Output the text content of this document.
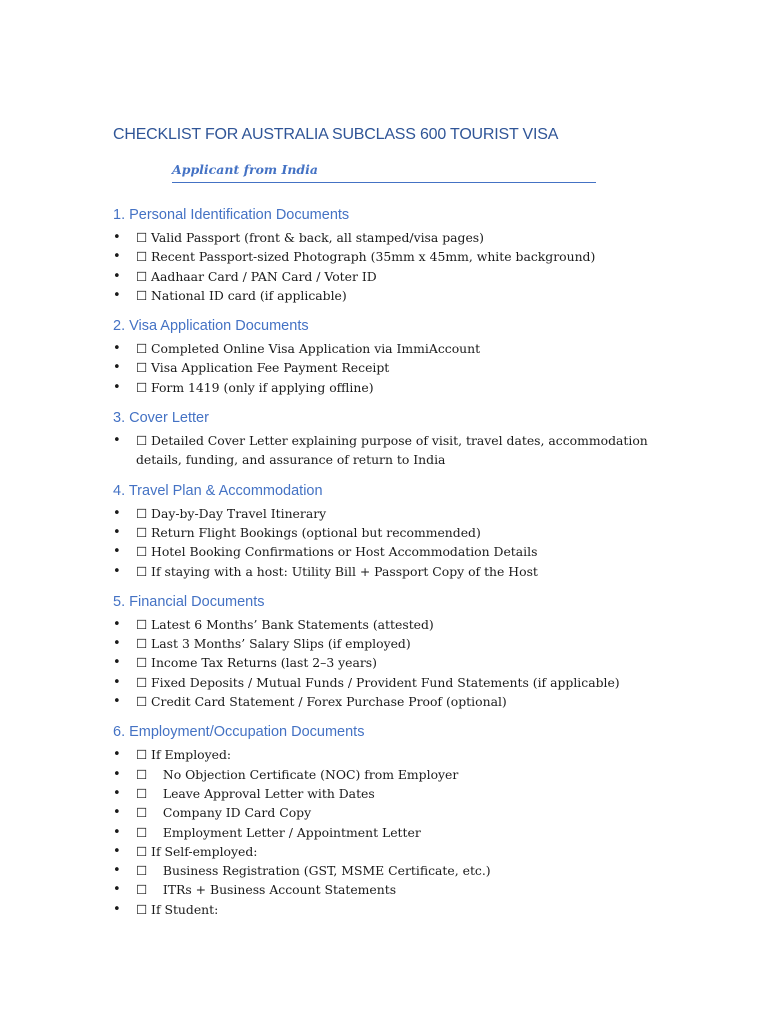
CHECKLIST FOR AUSTRALIA SUBCLASS 600 TOURIST VISA
Applicant from India
1. Personal Identification Documents
• ☐ Valid Passport (front & back, all stamped/visa pages)
• ☐ Recent Passport-sized Photograph (35mm x 45mm, white background)
• ☐ Aadhaar Card / PAN Card / Voter ID
• ☐ National ID card (if applicable)
2. Visa Application Documents
• ☐ Completed Online Visa Application via ImmiAccount
• ☐ Visa Application Fee Payment Receipt
• ☐ Form 1419 (only if applying offline)
3. Cover Letter
• ☐ Detailed Cover Letter explaining purpose of visit, travel dates, accommodation details, funding, and assurance of return to India
4. Travel Plan & Accommodation
• ☐ Day-by-Day Travel Itinerary
• ☐ Return Flight Bookings (optional but recommended)
• ☐ Hotel Booking Confirmations or Host Accommodation Details
• ☐ If staying with a host: Utility Bill + Passport Copy of the Host
5. Financial Documents
• ☐ Latest 6 Months’ Bank Statements (attested)
• ☐ Last 3 Months’ Salary Slips (if employed)
• ☐ Income Tax Returns (last 2–3 years)
• ☐ Fixed Deposits / Mutual Funds / Provident Fund Statements (if applicable)
• ☐ Credit Card Statement / Forex Purchase Proof (optional)
6. Employment/Occupation Documents
• ☐ If Employed:
• ☐    No Objection Certificate (NOC) from Employer
• ☐    Leave Approval Letter with Dates
• ☐    Company ID Card Copy
• ☐    Employment Letter / Appointment Letter
• ☐ If Self-employed:
• ☐    Business Registration (GST, MSME Certificate, etc.)
• ☐    ITRs + Business Account Statements
• ☐ If Student:
